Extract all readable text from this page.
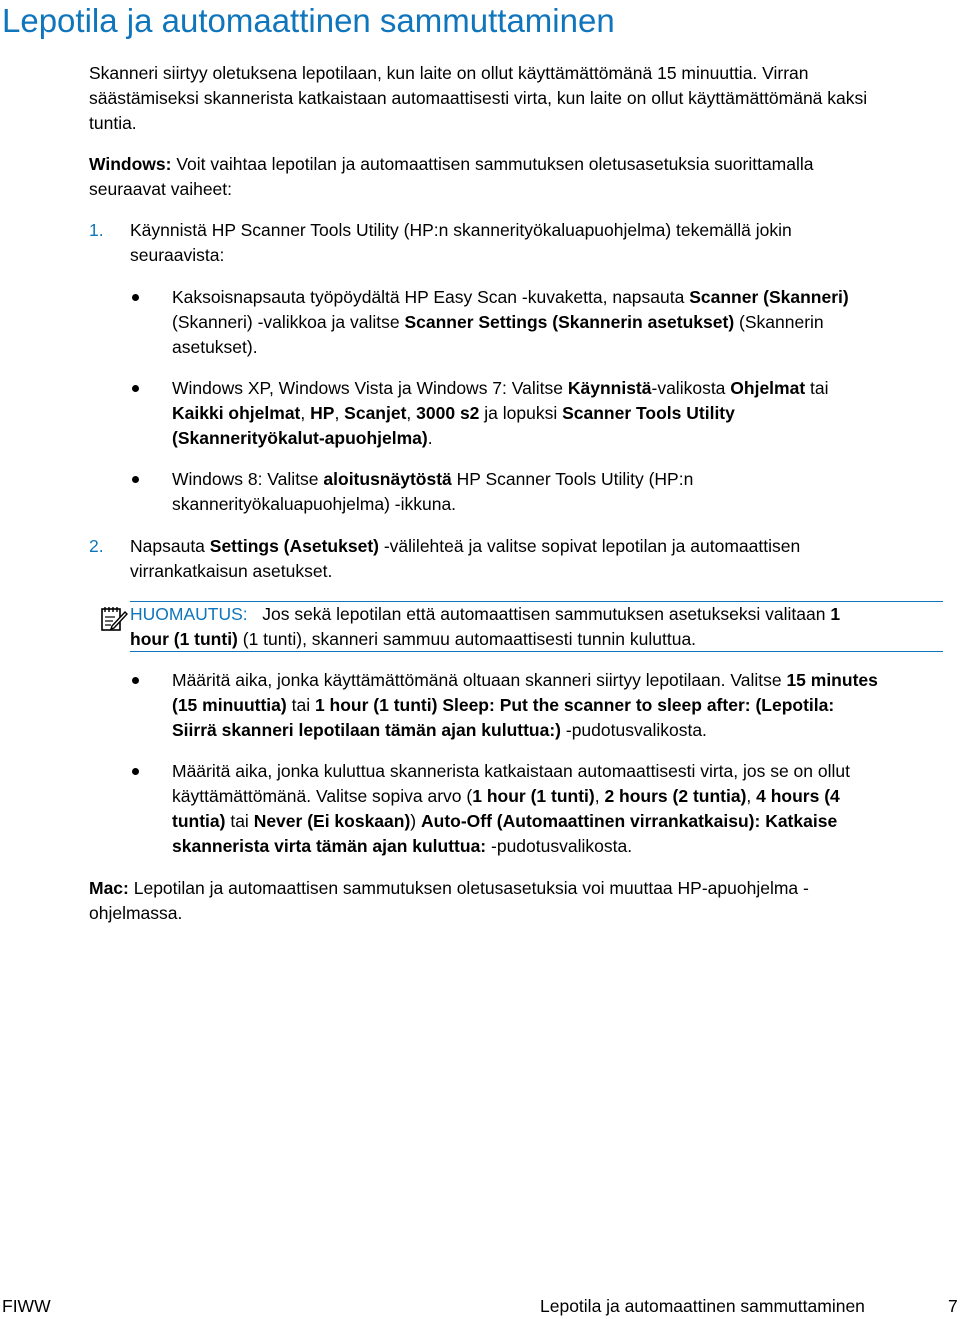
Lepotila ja automaattinen sammuttaminen

Skanneri siirtyy oletuksena lepotilaan, kun laite on ollut käyttämättömänä 15 minuuttia. Virran

säästämiseksi skannerista katkaistaan automaattisesti virta, kun laite on ollut käyttämättömänä kaksi

tuntia.

Windows: Voit vaihtaa lepotilan ja automaattisen sammutuksen oletusasetuksia suorittamalla

seuraavat vaiheet:

1. Käynnistä HP Scanner Tools Utility (HP:n skannerityökaluapuohjelma) tekemällä jokin

seuraavista:

Kaksoisnapsauta työpöydältä HP Easy Scan -kuvaketta, napsauta Scanner (Skanneri)

(Skanneri) -valikkoa ja valitse Scanner Settings (Skannerin asetukset) (Skannerin

asetukset).

Windows XP, Windows Vista ja Windows 7: Valitse Käynnistä-valikosta Ohjelmat tai

Kaikki ohjelmat, HP, Scanjet, 3000 s2 ja lopuksi Scanner Tools Utility

(Skannerityökalut-apuohjelma).

Windows 8: Valitse aloitusnäytöstä HP Scanner Tools Utility (HP:n

skannerityökaluapuohjelma) -ikkuna.

2. Napsauta Settings (Asetukset) -välilehteä ja valitse sopivat lepotilan ja automaattisen

virrankatkaisun asetukset.

HUOMAUTUS:   Jos sekä lepotilan että automaattisen sammutuksen asetukseksi valitaan 1

hour (1 tunti) (1 tunti), skanneri sammuu automaattisesti tunnin kuluttua.

Määritä aika, jonka käyttämättömänä oltuaan skanneri siirtyy lepotilaan. Valitse 15 minutes

(15 minuuttia) tai 1 hour (1 tunti) Sleep: Put the scanner to sleep after: (Lepotila:

Siirrä skanneri lepotilaan tämän ajan kuluttua:) -pudotusvalikosta.

Määritä aika, jonka kuluttua skannerista katkaistaan automaattisesti virta, jos se on ollut

käyttämättömänä. Valitse sopiva arvo (1 hour (1 tunti), 2 hours (2 tuntia), 4 hours (4

tuntia) tai Never (Ei koskaan)) Auto-Off (Automaattinen virrankatkaisu): Katkaise

skannerista virta tämän ajan kuluttua: -pudotusvalikosta.

Mac: Lepotilan ja automaattisen sammutuksen oletusasetuksia voi muuttaa HP-apuohjelma -

ohjelmassa.

FIWW	Lepotila ja automaattinen sammuttaminen	7
